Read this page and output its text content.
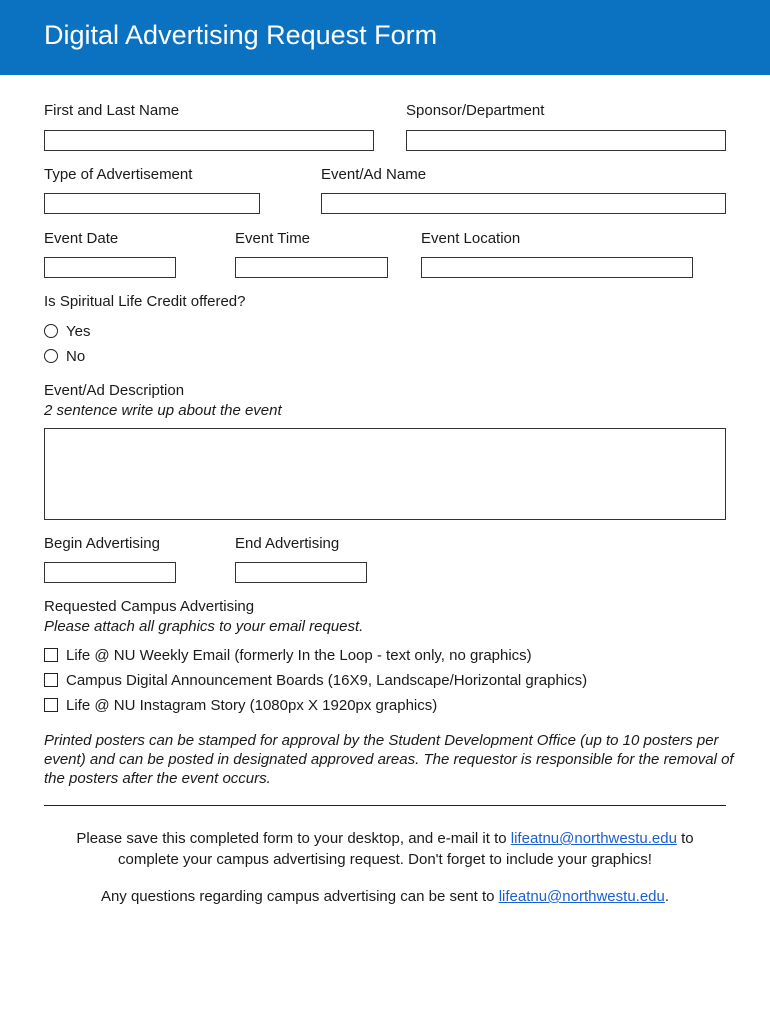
Digital Advertising Request Form
First and Last Name	Sponsor/Department
Type of Advertisement	Event/Ad Name
Event Date	Event Time	Event Location
Is Spiritual Life Credit offered?
Yes
No
Event/Ad Description
2 sentence write up about the event
Begin Advertising	End Advertising
Requested Campus Advertising
Please attach all graphics to your email request.
Life @ NU Weekly Email (formerly In the Loop - text only, no graphics)
Campus Digital Announcement Boards (16X9, Landscape/Horizontal graphics)
Life @ NU Instagram Story (1080px X 1920px graphics)
Printed posters can be stamped for approval by the Student Development Office (up to 10 posters per event) and can be posted in designated approved areas. The requestor is responsible for the removal of the posters after the event occurs.
Please save this completed form to your desktop, and e-mail it to lifeatnu@northwestu.edu to complete your campus advertising request. Don't forget to include your graphics!
Any questions regarding campus advertising can be sent to lifeatnu@northwestu.edu.
